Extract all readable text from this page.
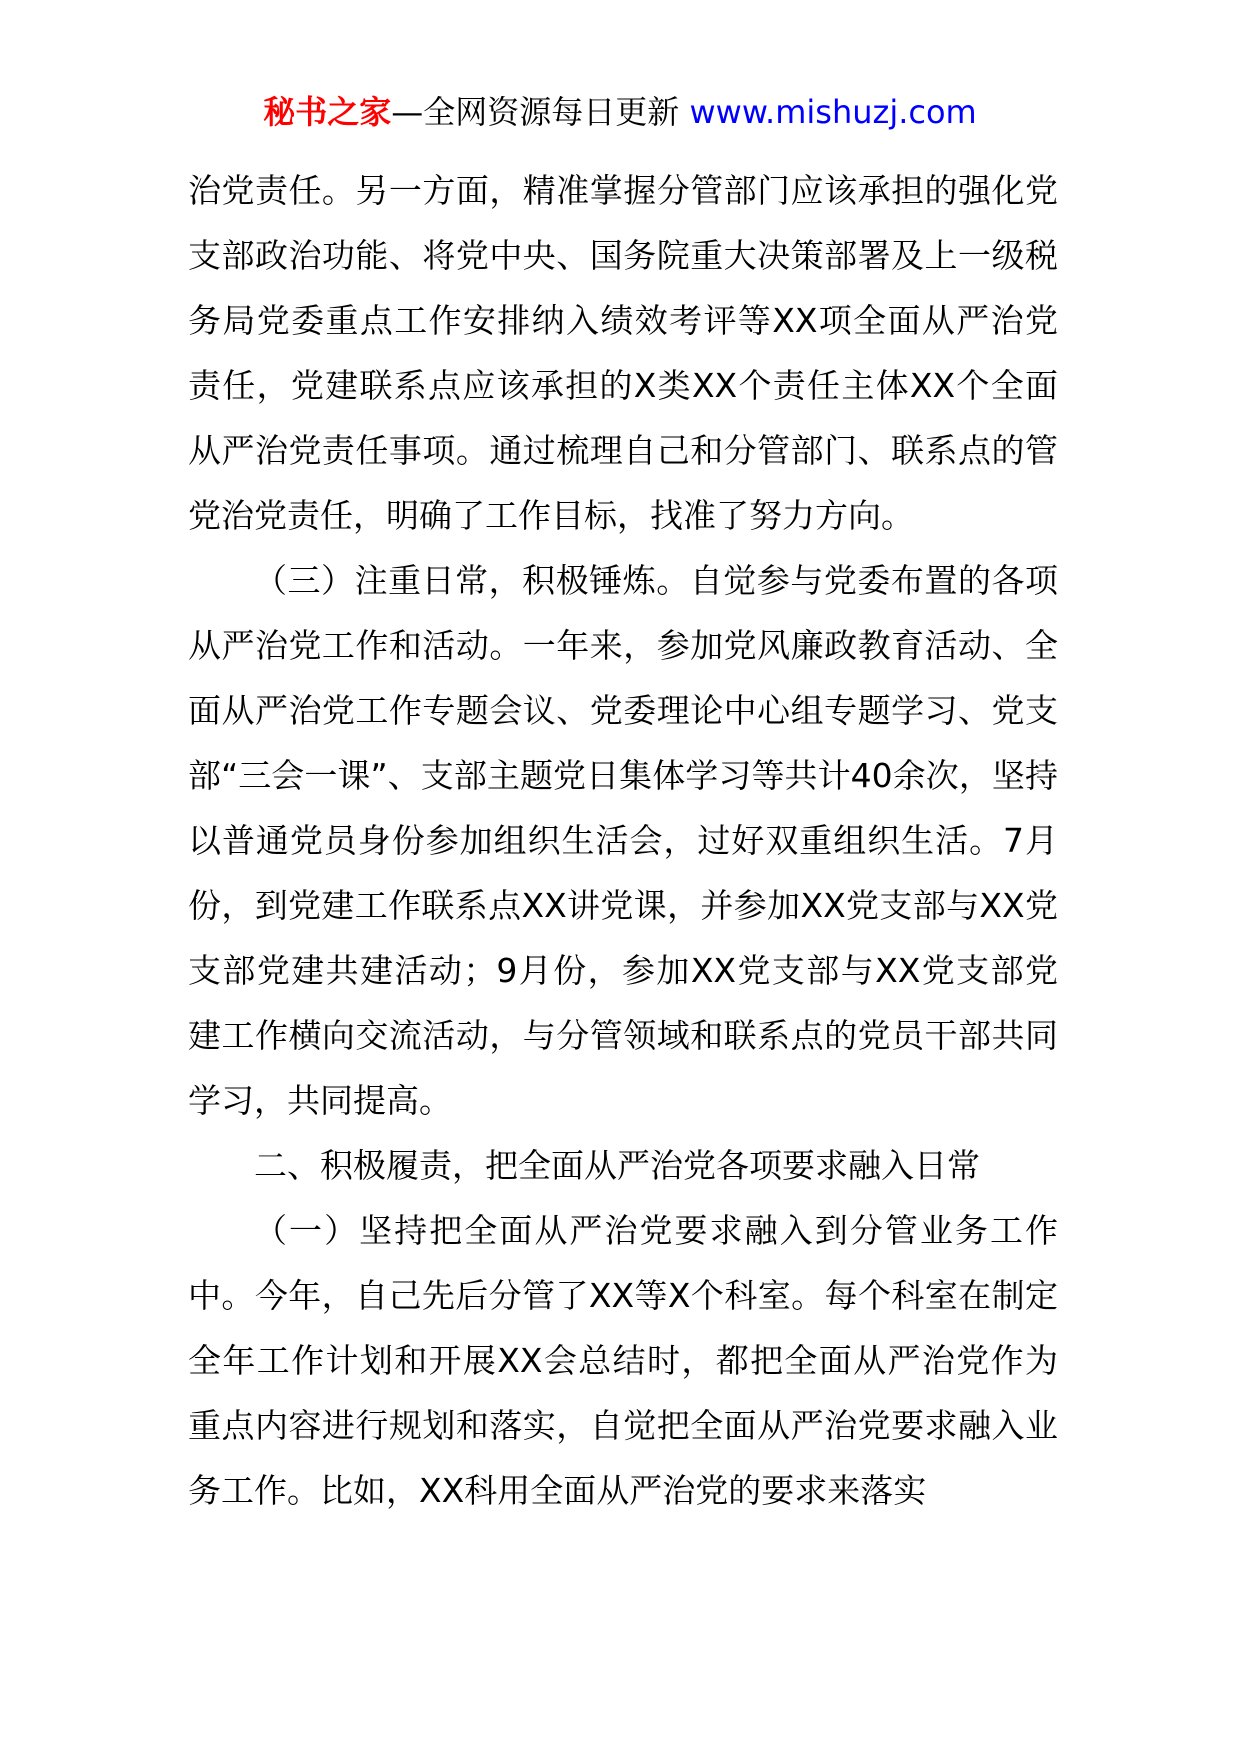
秘书之家—全网资源每日更新 www.mishuzj.com

治党责任。另一方面，精准掌握分管部门应该承担的强化党支部政治功能、将党中央、国务院重大决策部署及上一级税务局党委重点工作安排纳入绩效考评等XX项全面从严治党责任，党建联系点应该承担的X类XX个责任主体XX个全面从严治党责任事项。通过梳理自己和分管部门、联系点的管党治党责任，明确了工作目标，找准了努力方向。

（三）注重日常，积极锤炼。自觉参与党委布置的各项从严治党工作和活动。一年来，参加党风廉政教育活动、全面从严治党工作专题会议、党委理论中心组专题学习、党支部“三会一课”、支部主题党日集体学习等共计40余次，坚持以普通党员身份参加组织生活会，过好双重组织生活。7月份，到党建工作联系点XX讲党课，并参加XX党支部与XX党支部党建共建活动；9月份，参加XX党支部与XX党支部党建工作横向交流活动，与分管领域和联系点的党员干部共同学习，共同提高。

二、积极履责，把全面从严治党各项要求融入日常

（一）坚持把全面从严治党要求融入到分管业务工作中。今年，自己先后分管了XX等X个科室。每个科室在制定全年工作计划和开展XX会总结时，都把全面从严治党作为重点内容进行规划和落实，自觉把全面从严治党要求融入业务工作。比如，XX科用全面从严治党的要求来落实
